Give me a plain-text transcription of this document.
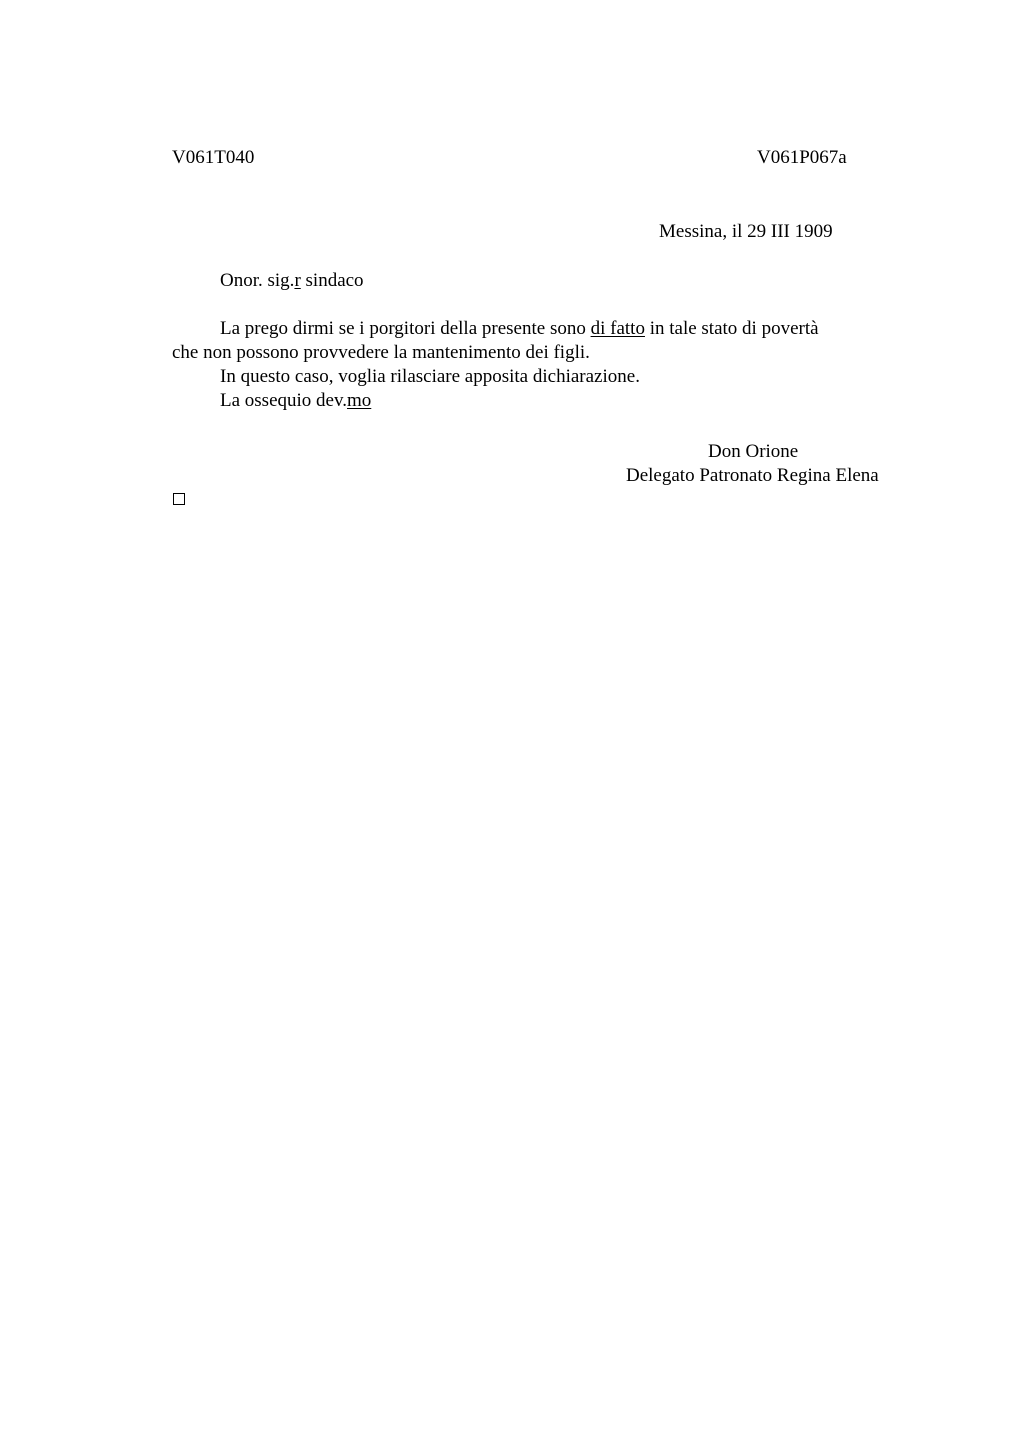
V061T040	V061P067a
Messina, il 29 III 1909
Onor. sig.r sindaco
La prego dirmi se i porgitori della presente sono di fatto in tale stato di povertà
che non possono provvedere la mantenimento dei figli.
In questo caso, voglia rilasciare apposita dichiarazione.
La ossequio dev.mo
Don Orione
Delegato Patronato Regina Elena
